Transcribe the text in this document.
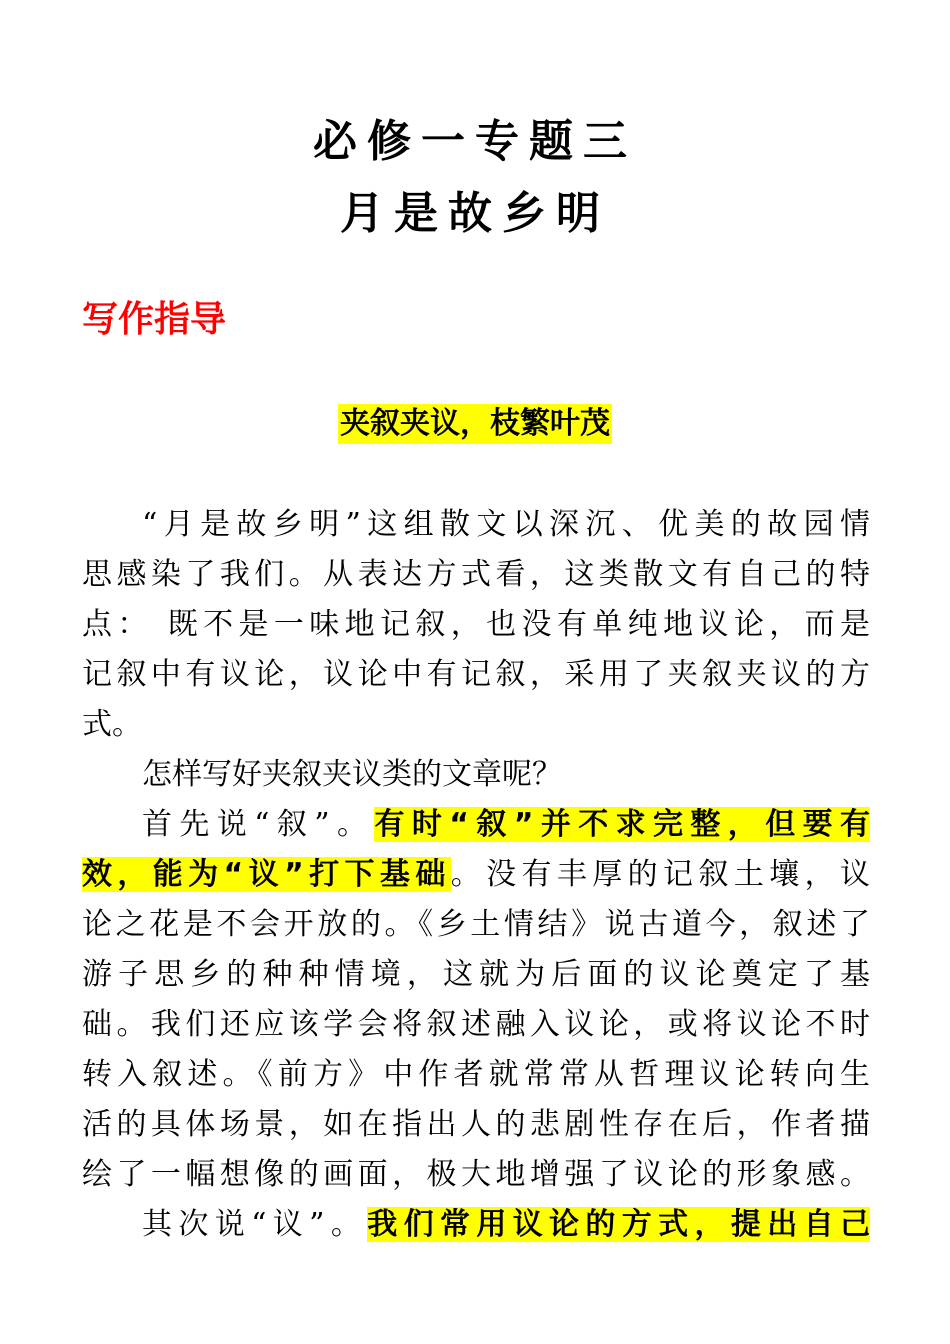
必修一专题三
月是故乡明
写作指导
夹叙夹议，枝繁叶茂
“月是故乡明”这组散文以深沉、优美的故园情
思感染了我们。从表达方式看，这类散文有自己的特
点： 既不是一味地记叙，也没有单纯地议论，而是
记叙中有议论，议论中有记叙，采用了夹叙夹议的方
式。
怎样写好夹叙夹议类的文章呢？
首先说“叙”。有时“叙”并不求完整，但要有
效，能为“议”打下基础。没有丰厚的记叙土壤，议
论之花是不会开放的。《乡土情结》说古道今，叙述了
游子思乡的种种情境，这就为后面的议论奠定了基
础。我们还应该学会将叙述融入议论，或将议论不时
转入叙述。《前方》中作者就常常从哲理议论转向生
活的具体场景，如在指出人的悲剧性存在后，作者描
绘了一幅想像的画面，极大地增强了议论的形象感。
其次说“议”。我们常用议论的方式，提出自己
